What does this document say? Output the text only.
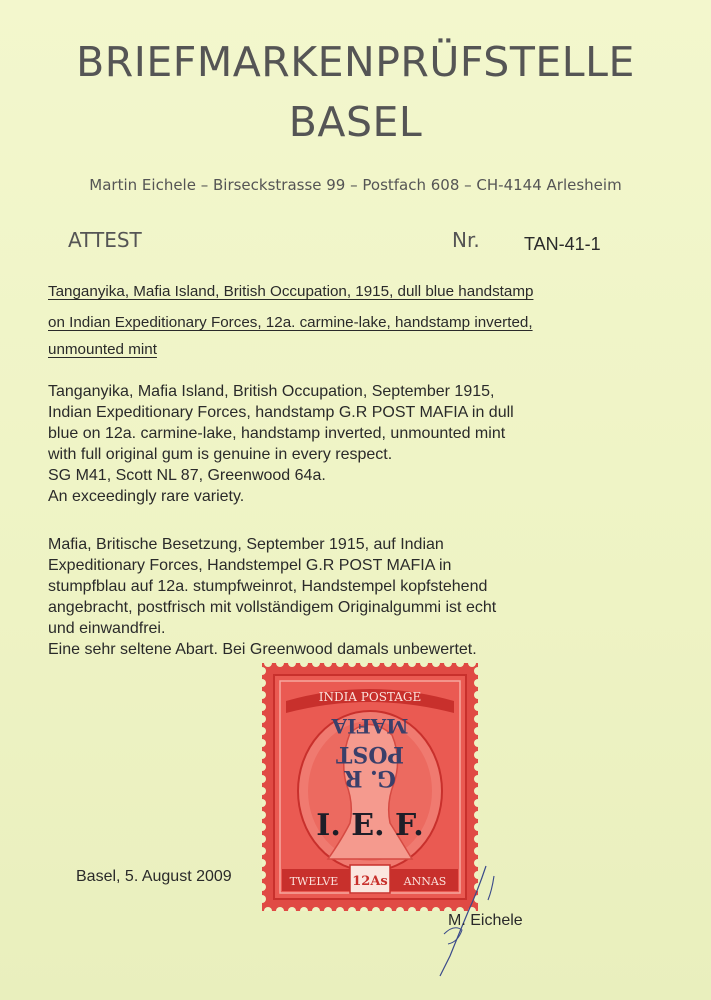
BRIEFMARKENPRÜFSTELLE
BASEL
Martin Eichele – Birseckstrasse 99 – Postfach 608 – CH-4144 Arlesheim
ATTEST	Nr. TAN-41-1
Tanganyika, Mafia Island, British Occupation, 1915, dull blue handstamp
on Indian Expeditionary Forces, 12a. carmine-lake, handstamp inverted,
unmounted mint
Tanganyika, Mafia Island, British Occupation, September 1915,
Indian Expeditionary Forces, handstamp G.R POST MAFIA in dull
blue on 12a. carmine-lake, handstamp inverted, unmounted mint
with full original gum is genuine in every respect.
SG M41, Scott NL 87, Greenwood 64a.
An exceedingly rare variety.
Mafia, Britische Besetzung, September 1915, auf Indian
Expeditionary Forces, Handstempel G.R POST MAFIA in
stumpfblau auf 12a. stumpfweinrot, Handstempel kopfstehend
angebracht, postfrisch mit vollständigem Originalgummi ist echt
und einwandfrei.
Eine sehr seltene Abart. Bei Greenwood damals unbewertet.
INDIA POSTAGE
MAFIA
POST
G. R
I. E. F.
TWELVE 12As ANNAS
Basel, 5. August 2009
M. Eichele
